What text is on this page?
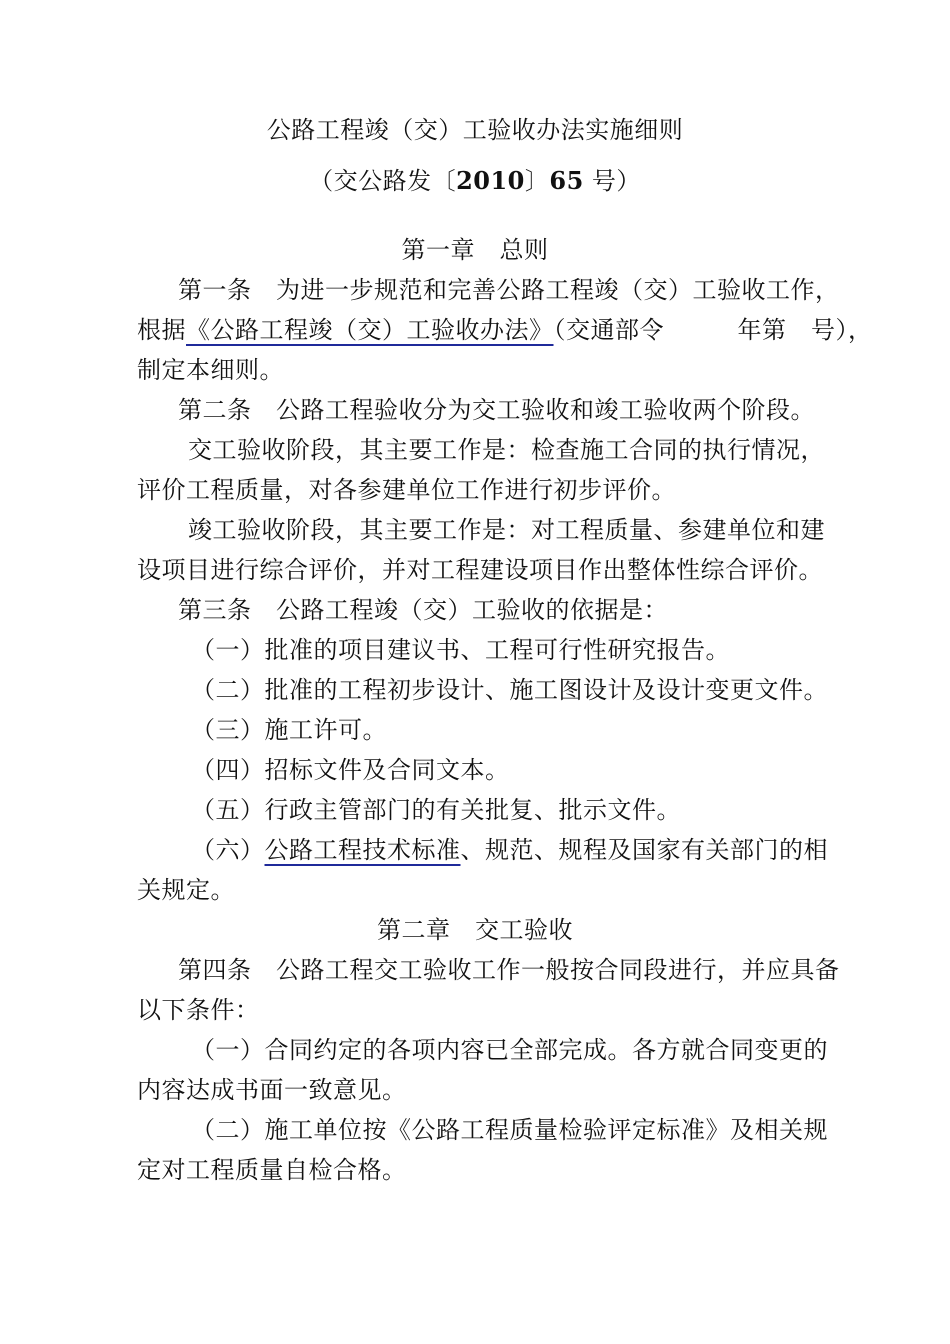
公路工程竣（交）工验收办法实施细则
（交公路发〔2010〕65 号）
第一章　总则
第一条　为进一步规范和完善公路工程竣（交）工验收工作，
根据《公路工程竣（交）工验收办法》（交通部令　　　年第　号），
制定本细则。
第二条　公路工程验收分为交工验收和竣工验收两个阶段。
交工验收阶段，其主要工作是：检查施工合同的执行情况，
评价工程质量，对各参建单位工作进行初步评价。
竣工验收阶段，其主要工作是：对工程质量、参建单位和建
设项目进行综合评价，并对工程建设项目作出整体性综合评价。
第三条　公路工程竣（交）工验收的依据是：
（一）批准的项目建议书、工程可行性研究报告。
（二）批准的工程初步设计、施工图设计及设计变更文件。
（三）施工许可。
（四）招标文件及合同文本。
（五）行政主管部门的有关批复、批示文件。
（六）公路工程技术标准、规范、规程及国家有关部门的相
关规定。
第二章　交工验收
第四条　公路工程交工验收工作一般按合同段进行，并应具备
以下条件：
（一）合同约定的各项内容已全部完成。各方就合同变更的
内容达成书面一致意见。
（二）施工单位按《公路工程质量检验评定标准》及相关规
定对工程质量自检合格。
